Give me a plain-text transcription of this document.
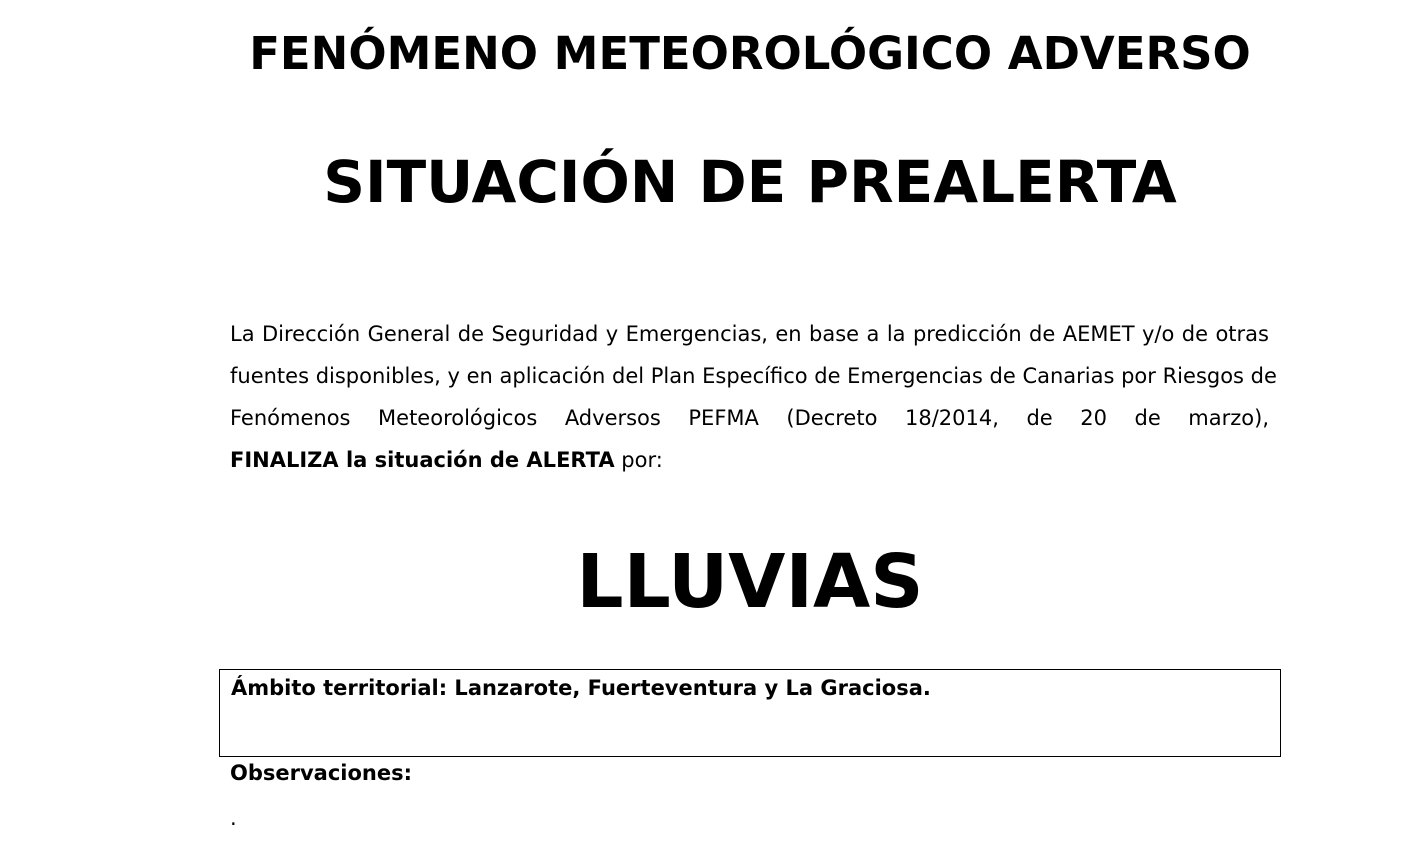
FENÓMENO METEOROLÓGICO ADVERSO
SITUACIÓN DE PREALERTA
La Dirección General de Seguridad y Emergencias, en base a la predicción de AEMET y/o de otras
fuentes disponibles, y en aplicación del Plan Específico de Emergencias de Canarias por Riesgos de
Fenómenos Meteorológicos Adversos PEFMA (Decreto 18/2014, de 20 de marzo),
FINALIZA la situación de ALERTA por:
LLUVIAS
Ámbito territorial: Lanzarote, Fuerteventura y La Graciosa.
Observaciones:
.
